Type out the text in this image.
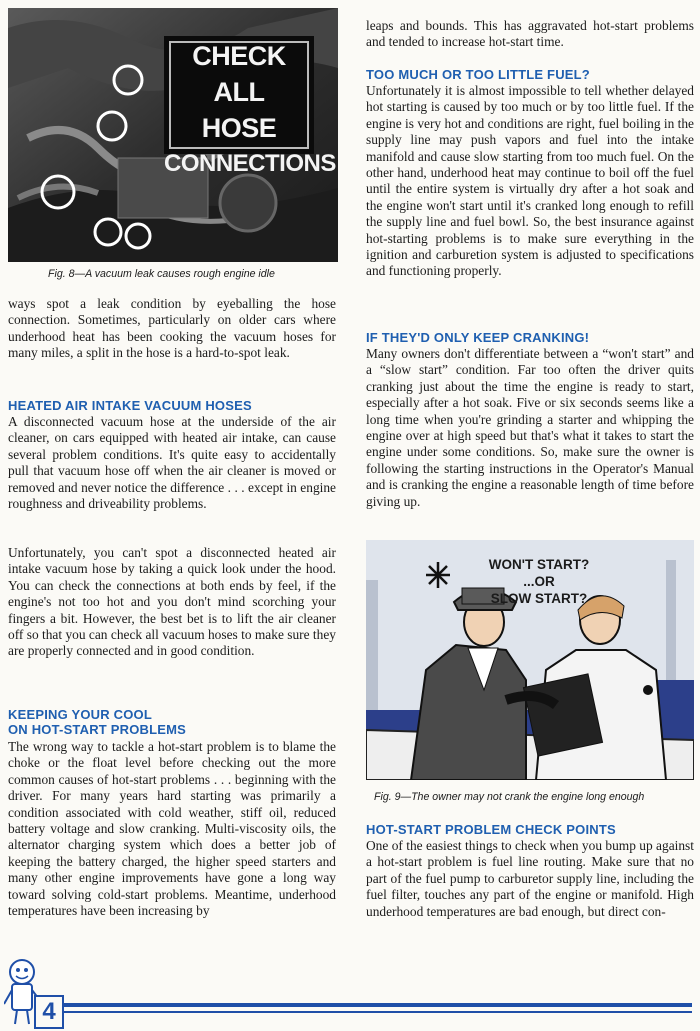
CHECK ALL
HOSE
CONNECTIONS
Fig. 8—A vacuum leak causes rough engine idle

ways spot a leak condition by eyeballing the hose connection. Sometimes, particularly on older cars where underhood heat has been cooking the vacuum hoses for many miles, a split in the hose is a hard-to-spot leak.

HEATED AIR INTAKE VACUUM HOSES

A disconnected vacuum hose at the underside of the air cleaner, on cars equipped with heated air intake, can cause several problem conditions. It's quite easy to accidentally pull that vacuum hose off when the air cleaner is moved or removed and never notice the difference . . . except in engine roughness and driveability problems.

Unfortunately, you can't spot a disconnected heated air intake vacuum hose by taking a quick look under the hood. You can check the connections at both ends by feel, if the engine's not too hot and you don't mind scorching your fingers a bit. However, the best bet is to lift the air cleaner off so that you can check all vacuum hoses to make sure they are properly connected and in good condition.

KEEPING YOUR COOL
ON HOT-START PROBLEMS

The wrong way to tackle a hot-start problem is to blame the choke or the float level before checking out the more common causes of hot-start problems . . . beginning with the driver. For many years hard starting was primarily a condition associated with cold weather, stiff oil, reduced battery voltage and slow cranking. Multi-viscosity oils, the alternator charging system which does a better job of keeping the battery charged, the higher speed starters and many other engine improvements have gone a long way toward solving cold-start problems. Meantime, underhood temperatures have been increasing by

leaps and bounds. This has aggravated hot-start problems and tended to increase hot-start time.

TOO MUCH OR TOO LITTLE FUEL?

Unfortunately it is almost impossible to tell whether delayed hot starting is caused by too much or by too little fuel. If the engine is very hot and conditions are right, fuel boiling in the supply line may push vapors and fuel into the intake manifold and cause slow starting from too much fuel. On the other hand, underhood heat may continue to boil off the fuel until the entire system is virtually dry after a hot soak and the engine won't start until it's cranked long enough to refill the supply line and fuel bowl. So, the best insurance against hot-starting problems is to make sure everything in the ignition and carburetion system is adjusted to specifications and functioning properly.

IF THEY'D ONLY KEEP CRANKING!

Many owners don't differentiate between a “won't start” and a “slow start” condition. Far too often the driver quits cranking just about the time the engine is ready to start, especially after a hot soak. Five or six seconds seems like a long time when you're grinding a starter and whipping the engine over at high speed but that's what it takes to start the engine under some conditions. So, make sure the owner is following the starting instructions in the Operator's Manual and is cranking the engine a reasonable length of time before giving up.

HOT-START PROBLEM CHECK POINTS

One of the easiest things to check when you bump up against a hot-start problem is fuel line routing. Make sure that no part of the fuel pump to carburetor supply line, including the fuel filter, touches any part of the engine or manifold. High underhood temperatures are bad enough, but direct con-

WON'T START?
...OR
SLOW START?
Fig. 9—The owner may not crank the engine long enough
4
